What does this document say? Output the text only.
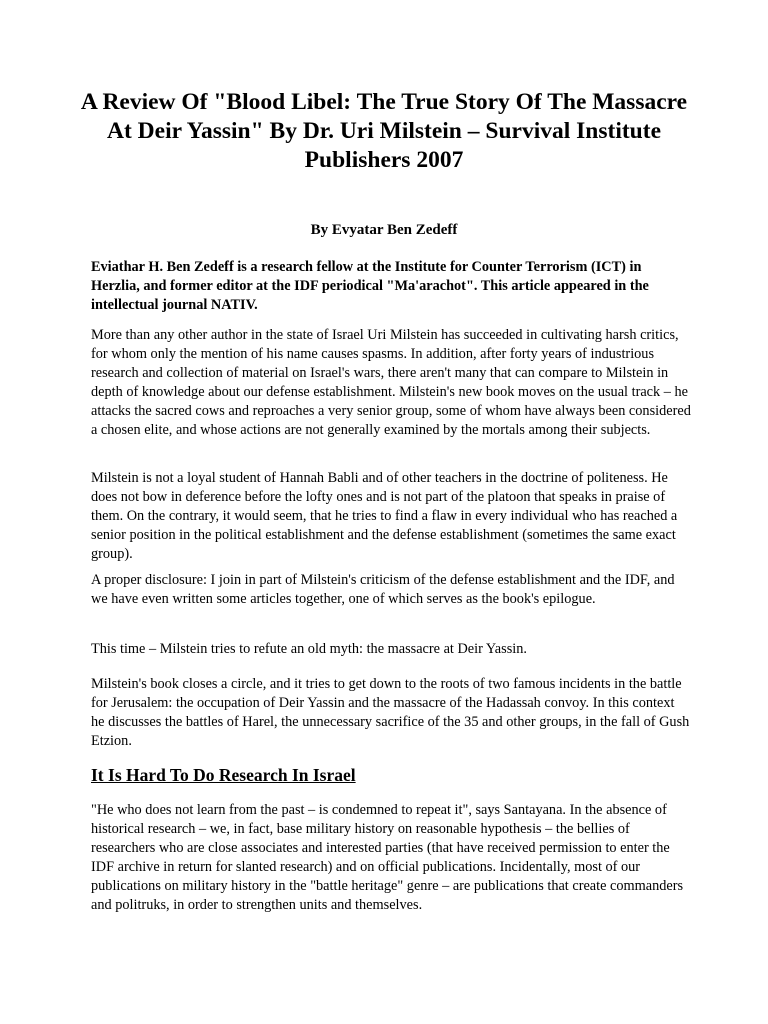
A Review Of "Blood Libel: The True Story Of The Massacre At Deir Yassin" By Dr. Uri Milstein – Survival Institute Publishers 2007
By Evyatar Ben Zedeff

Eviathar H. Ben Zedeff is a research fellow at the Institute for Counter Terrorism (ICT) in Herzlia, and former editor at the IDF periodical "Ma'arachot". This article appeared in the intellectual journal NATIV.

More than any other author in the state of Israel Uri Milstein has succeeded in cultivating harsh critics, for whom only the mention of his name causes spasms. In addition, after forty years of industrious research and collection of material on Israel's wars, there aren't many that can compare to Milstein in depth of knowledge about our defense establishment. Milstein's new book moves on the usual track – he attacks the sacred cows and reproaches a very senior group, some of whom have always been considered a chosen elite, and whose actions are not generally examined by the mortals among their subjects.

Milstein is not a loyal student of Hannah Babli and of other teachers in the doctrine of politeness. He does not bow in deference before the lofty ones and is not part of the platoon that speaks in praise of them. On the contrary, it would seem, that he tries to find a flaw in every individual who has reached a senior position in the political establishment and the defense establishment (sometimes the same exact group).

A proper disclosure: I join in part of Milstein's criticism of the defense establishment and the IDF, and we have even written some articles together, one of which serves as the book's epilogue.

This time – Milstein tries to refute an old myth: the massacre at Deir Yassin.

Milstein's book closes a circle, and it tries to get down to the roots of two famous incidents in the battle for Jerusalem: the occupation of Deir Yassin and the massacre of the Hadassah convoy. In this context he discusses the battles of Harel, the unnecessary sacrifice of the 35 and other groups, in the fall of Gush Etzion.

It Is Hard To Do Research In Israel

"He who does not learn from the past – is condemned to repeat it", says Santayana. In the absence of historical research – we, in fact, base military history on reasonable hypothesis – the bellies of researchers who are close associates and interested parties (that have received permission to enter the IDF archive in return for slanted research) and on official publications. Incidentally, most of our publications on military history in the "battle heritage" genre – are publications that create commanders and politruks, in order to strengthen units and themselves.
